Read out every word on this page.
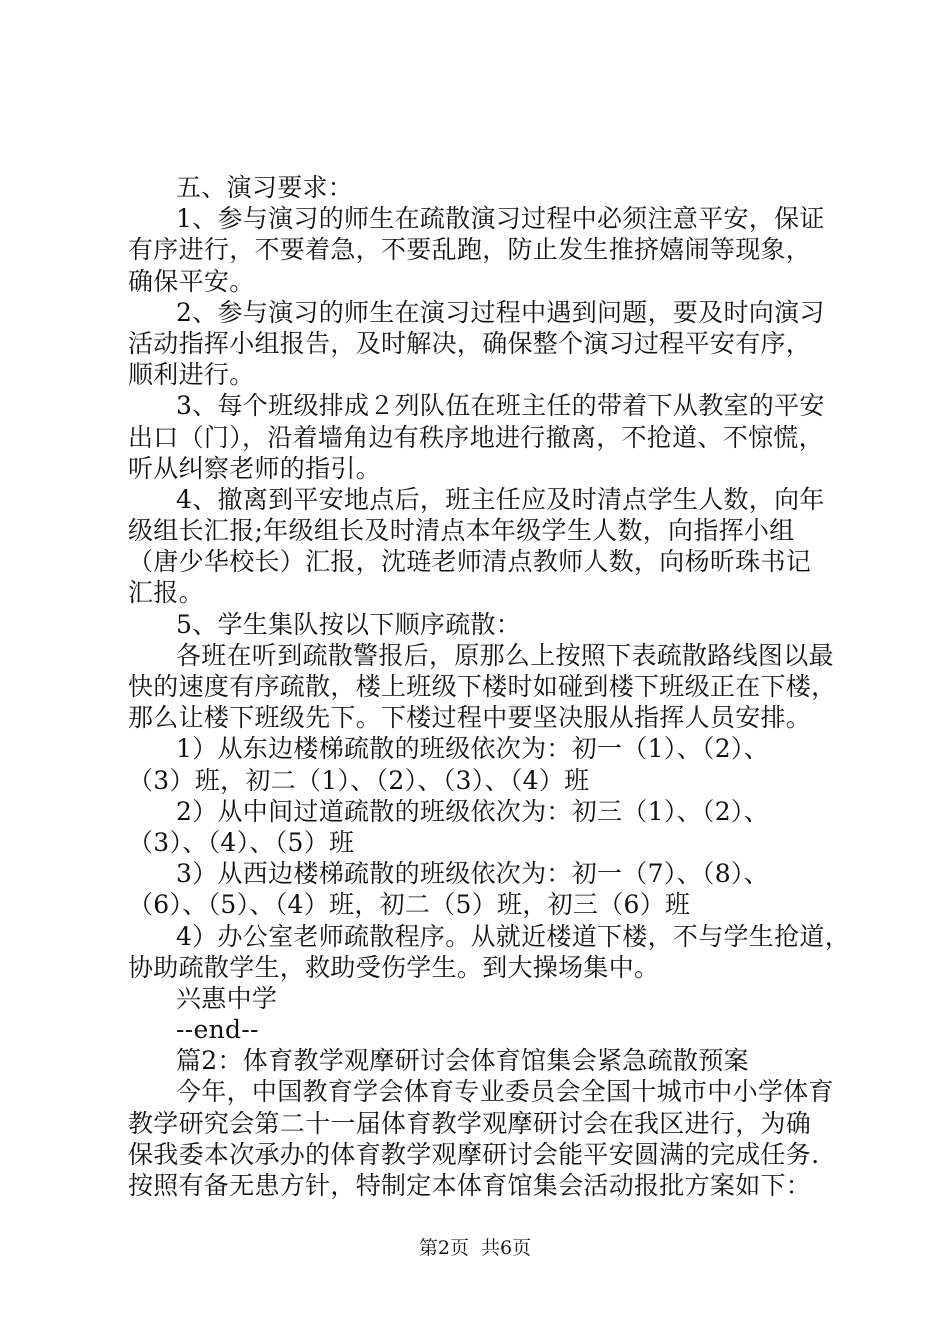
五、演习要求：
1、参与演习的师生在疏散演习过程中必须注意平安，保证
有序进行，不要着急，不要乱跑，防止发生推挤嬉闹等现象，
确保平安。
2、参与演习的师生在演习过程中遇到问题，要及时向演习
活动指挥小组报告，及时解决，确保整个演习过程平安有序，
顺利进行。
3、每个班级排成２列队伍在班主任的带着下从教室的平安
出口（门），沿着墙角边有秩序地进行撤离，不抢道、不惊慌，
听从纠察老师的指引。
4、撤离到平安地点后，班主任应及时清点学生人数，向年
级组长汇报;年级组长及时清点本年级学生人数，向指挥小组
（唐少华校长）汇报，沈琏老师清点教师人数，向杨昕珠书记
汇报。
5、学生集队按以下顺序疏散：
各班在听到疏散警报后，原那么上按照下表疏散路线图以最
快的速度有序疏散，楼上班级下楼时如碰到楼下班级正在下楼，
那么让楼下班级先下。下楼过程中要坚决服从指挥人员安排。
1）从东边楼梯疏散的班级依次为：初一（1）、（2）、
（3）班，初二（1）、（2）、（3）、（4）班
2）从中间过道疏散的班级依次为：初三（1）、（2）、
（3）、（4）、（5）班
3）从西边楼梯疏散的班级依次为：初一（7）、（8）、
（6）、（5）、（4）班，初二（5）班，初三（6）班
4）办公室老师疏散程序。从就近楼道下楼，不与学生抢道，
协助疏散学生，救助受伤学生。到大操场集中。
兴惠中学
--end--
篇2：体育教学观摩研讨会体育馆集会紧急疏散预案
今年，中国教育学会体育专业委员会全国十城市中小学体育
教学研究会第二十一届体育教学观摩研讨会在我区进行，为确
保我委本次承办的体育教学观摩研讨会能平安圆满的完成任务.
按照有备无患方针，特制定本体育馆集会活动报批方案如下：
第2页 共6页
